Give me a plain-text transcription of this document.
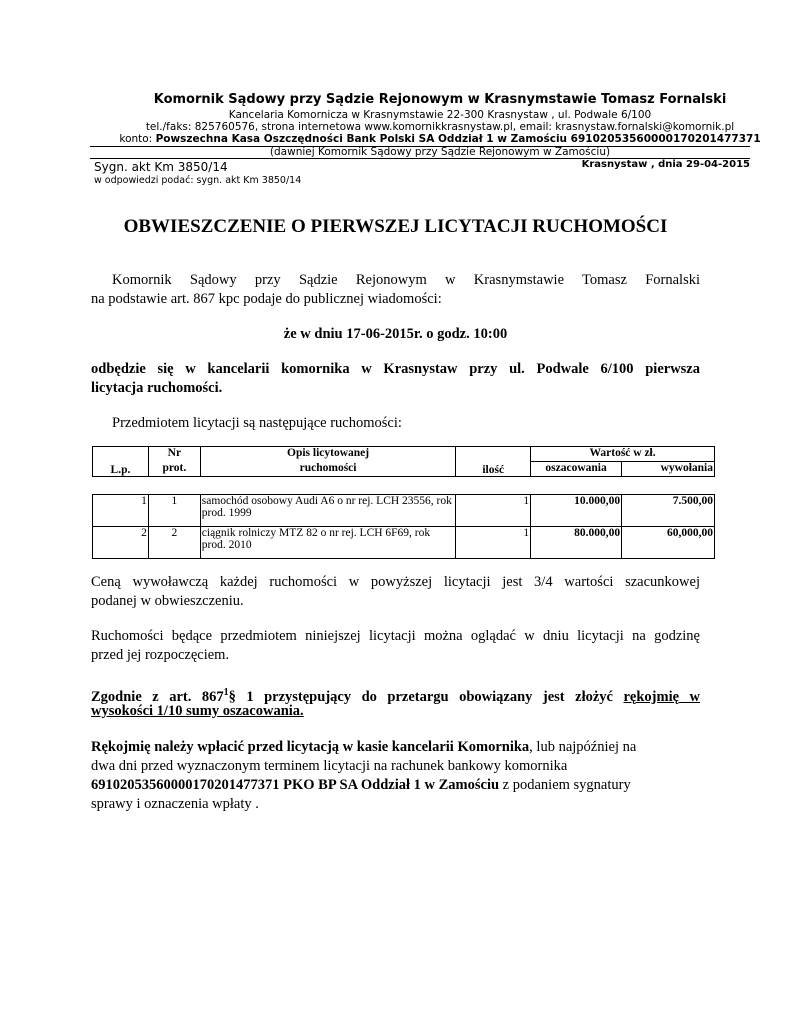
Komornik Sądowy przy Sądzie Rejonowym w Krasnymstawie Tomasz Fornalski
Kancelaria Komornicza w Krasnymstawie 22-300 Krasnystaw , ul. Podwale 6/100
tel./faks: 825760576, strona internetowa www.komornikkrasnystaw.pl, email: krasnystaw.fornalski@komornik.pl
konto: Powszechna Kasa Oszczędności Bank Polski SA Oddział 1 w Zamościu 69102053560000170201477371
(dawniej Komornik Sądowy przy Sądzie Rejonowym w Zamościu)
Sygn. akt Km 3850/14
w odpowiedzi podać: sygn. akt Km 3850/14
Krasnystaw , dnia 29-04-2015
OBWIESZCZENIE O PIERWSZEJ LICYTACJI RUCHOMOŚCI
Komornik Sądowy przy Sądzie Rejonowym w Krasnymstawie Tomasz Fornalski
na podstawie art. 867 kpc podaje do publicznej wiadomości:
że w dniu 17-06-2015r. o godz. 10:00
odbędzie się w kancelarii komornika w Krasnystaw przy ul. Podwale 6/100 pierwsza
licytacja ruchomości.
Przedmiotem licytacji są następujące ruchomości:
L.p.	Nr	Opis licytowanej	ilość	Wartość w zł.	
	prot.	ruchomości		oszacowania	wywołania
1	1	samochód osobowy Audi A6 o nr rej. LCH 23556, rok prod. 1999	1	10.000,00	7.500,00
2	2	ciągnik rolniczy MTZ 82 o nr rej. LCH 6F69, rok prod. 2010	1	80.000,00	60,000,00
Ceną wywoławczą każdej ruchomości w powyższej licytacji jest 3/4 wartości szacunkowej
podanej w obwieszczeniu.
Ruchomości będące przedmiotem niniejszej licytacji można oglądać w dniu licytacji na godzinę
przed jej rozpoczęciem.
Zgodnie z art. $867^1\S$ 1 przystępujący do przetargu obowiązany jest złożyć rękojmię w
wysokości 1/10 sumy oszacowania.
Rękojmię należy wpłacić przed licytacją w kasie kancelarii Komornika, lub najpóźniej na
dwa dni przed wyznaczonym terminem licytacji na rachunek bankowy komornika
69102053560000170201477371 PKO BP SA Oddział 1 w Zamościu z podaniem sygnatury
sprawy i oznaczenia wpłaty .
